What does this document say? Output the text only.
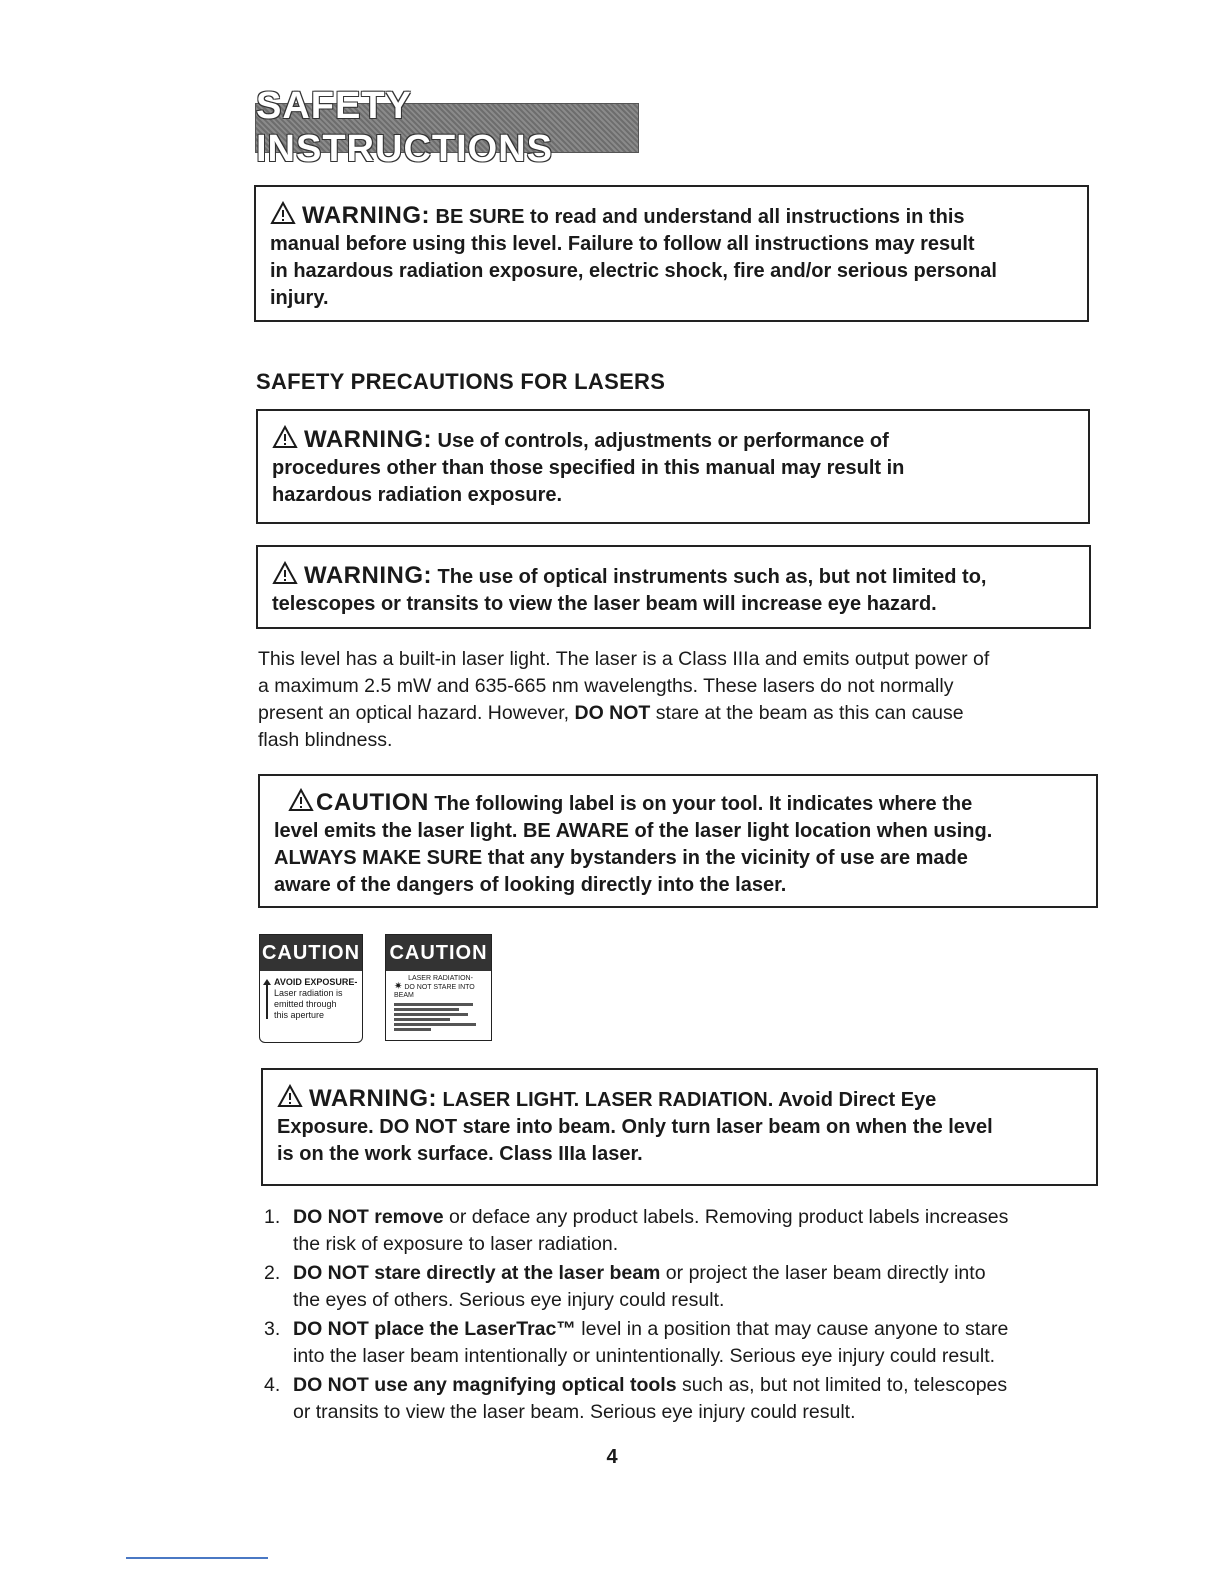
SAFETY INSTRUCTIONS
WARNING: BE SURE to read and understand all instructions in this
manual before using this level. Failure to follow all instructions may result
in hazardous radiation exposure, electric shock, fire and/or serious personal
injury.
SAFETY PRECAUTIONS FOR LASERS
WARNING: Use of controls, adjustments or performance of
procedures other than those specified in this manual may result in
hazardous radiation exposure.
WARNING: The use of optical instruments such as, but not limited to,
telescopes or transits to view the laser beam will increase eye hazard.
This level has a built-in laser light. The laser is a Class IIIa and emits output power of
a maximum 2.5 mW and 635-665 nm wavelengths. These lasers do not normally
present an optical hazard. However, DO NOT stare at the beam as this can cause
flash blindness.
CAUTION The following label is on your tool. It indicates where the
level emits the laser light. BE AWARE of the laser light location when using.
ALWAYS MAKE SURE that any bystanders in the vicinity of use are made
aware of the dangers of looking directly into the laser.
CAUTION
AVOID EXPOSURE-
Laser radiation is
emitted through
this aperture
CAUTION
LASER RADIATION-
✷ DO NOT STARE INTO BEAM
WARNING: LASER LIGHT. LASER RADIATION. Avoid Direct Eye
Exposure. DO NOT stare into beam. Only turn laser beam on when the level
is on the work surface. Class IIIa laser.
1. DO NOT remove or deface any product labels. Removing product labels increases
the risk of exposure to laser radiation.
2. DO NOT stare directly at the laser beam or project the laser beam directly into
the eyes of others. Serious eye injury could result.
3. DO NOT place the LaserTrac™ level in a position that may cause anyone to stare
into the laser beam intentionally or unintentionally. Serious eye injury could result.
4. DO NOT use any magnifying optical tools such as, but not limited to, telescopes
or transits to view the laser beam. Serious eye injury could result.
4
